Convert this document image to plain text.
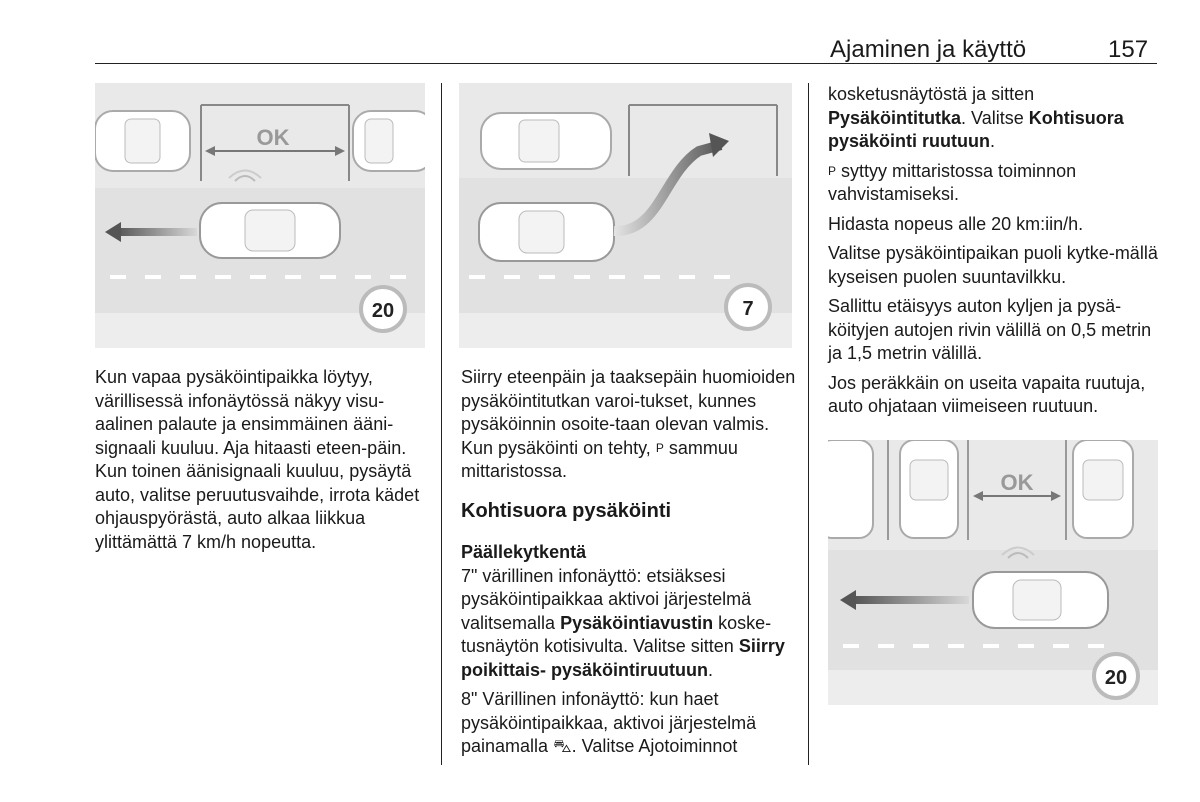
Ajaminen ja käyttö	157
OK
20	7
OK
20

Kun vapaa pysäköintipaikka löytyy, värillisessä infonäytössä näkyy visu-aalinen palaute ja ensimmäinen ääni-signaali kuuluu. Aja hitaasti eteen-päin. Kun toinen äänisignaali kuuluu, pysäytä auto, valitse peruutusvaihde, irrota kädet ohjauspyörästä, auto alkaa liikkua ylittämättä 7 km/h nopeutta.

Siirry eteenpäin ja taaksepäin huomioiden pysäköintitutkan varoi-tukset, kunnes pysäköinnin osoite-taan olevan valmis. Kun pysäköinti on tehty, P sammuu mittaristossa.

Kohtisuora pysäköinti
Päällekytkentä

7" värillinen infonäyttö: etsiäksesi pysäköintipaikkaa aktivoi järjestelmä valitsemalla Pysäköintiavustin koske-tusnäytön kotisivulta. Valitse sitten Siirry poikittais- pysäköintiruutuun.

8" Värillinen infonäyttö: kun haet pysäköintipaikkaa, aktivoi järjestelmä painamalla ⛍. Valitse Ajotoiminnot

kosketusnäytöstä ja sitten Pysäköintitutka. Valitse Kohtisuora pysäköinti ruutuun.

P syttyy mittaristossa toiminnon vahvistamiseksi.

Hidasta nopeus alle 20 km:iin/h.

Valitse pysäköintipaikan puoli kytke-mällä kyseisen puolen suuntavilkku.

Sallittu etäisyys auton kyljen ja pysä-köityjen autojen rivin välillä on 0,5 metrin ja 1,5 metrin välillä.

Jos peräkkäin on useita vapaita ruutuja, auto ohjataan viimeiseen ruutuun.
